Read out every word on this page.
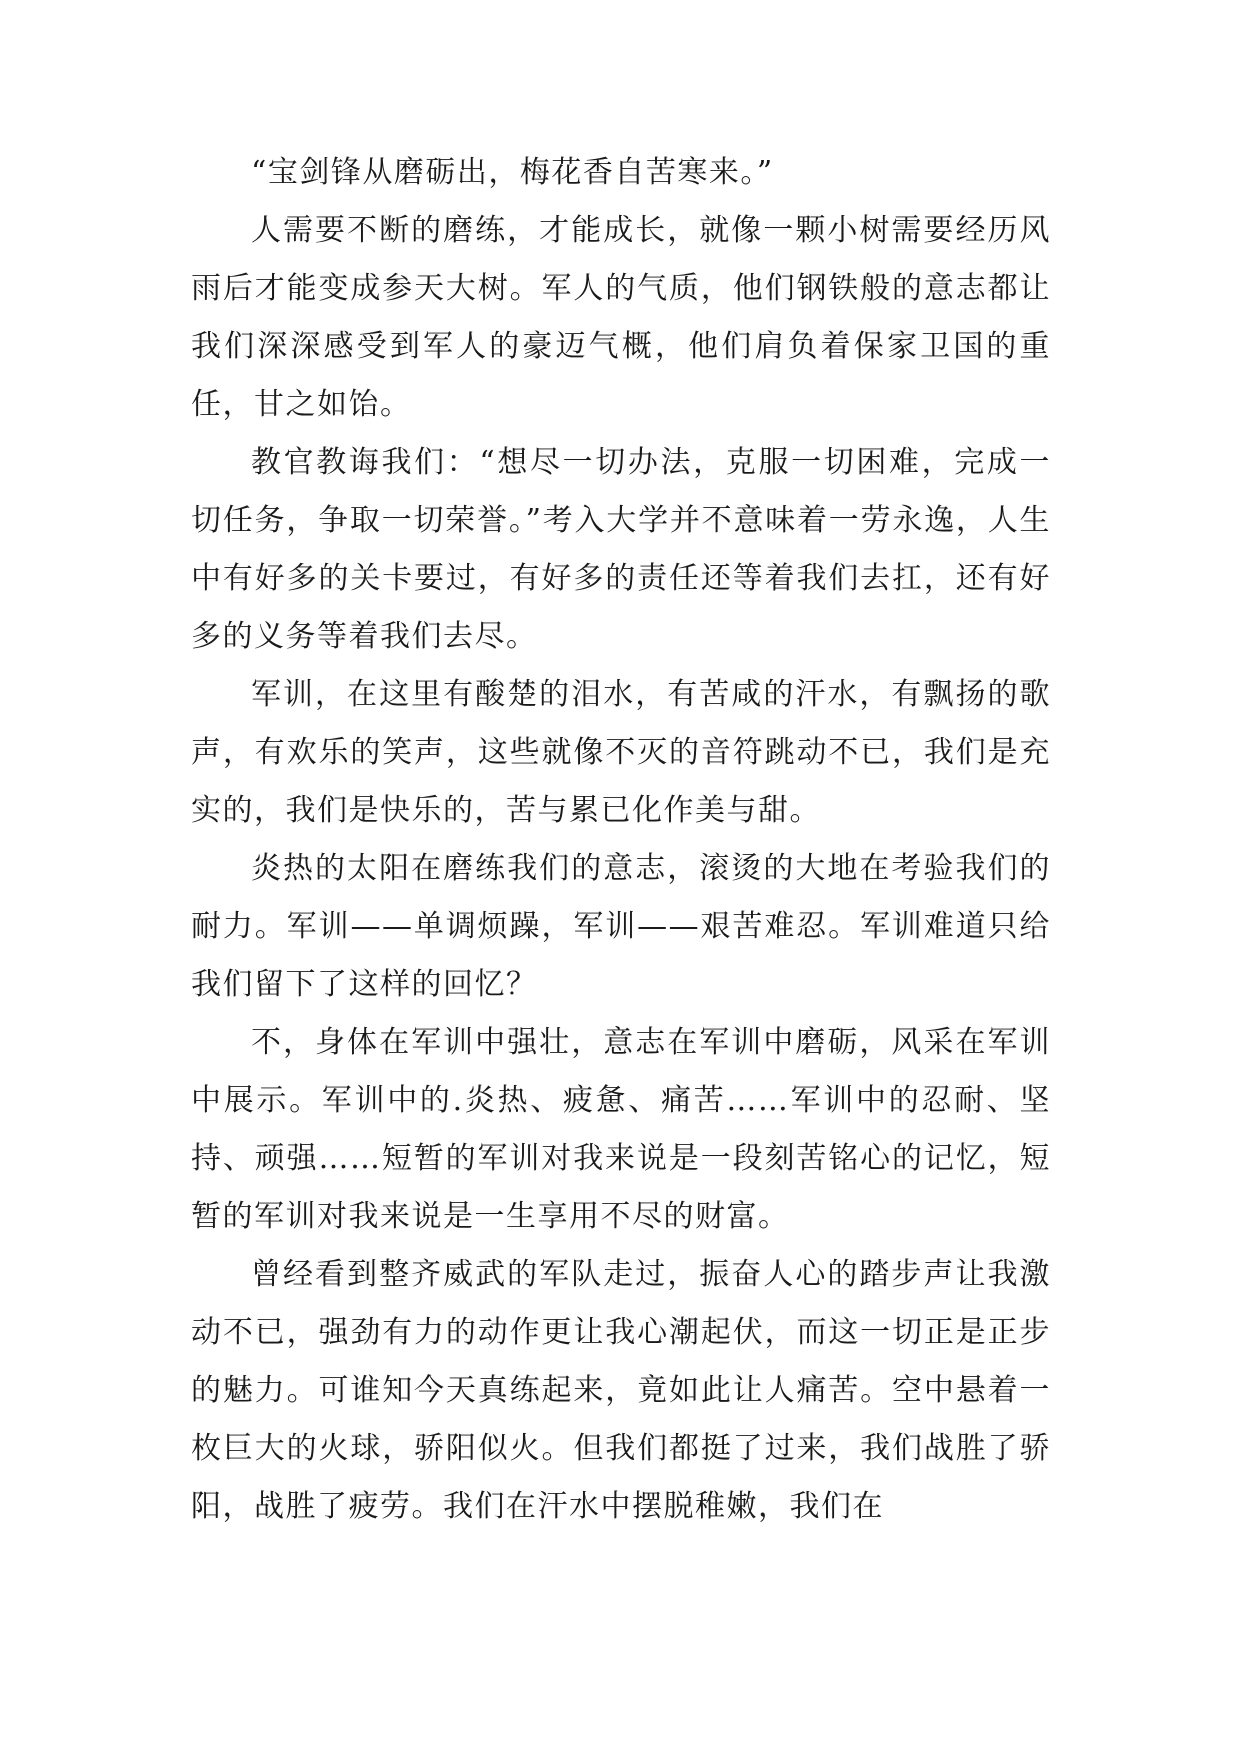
“宝剑锋从磨砺出，梅花香自苦寒来。”

人需要不断的磨练，才能成长，就像一颗小树需要经历风雨后才能变成参天大树。军人的气质，他们钢铁般的意志都让我们深深感受到军人的豪迈气概，他们肩负着保家卫国的重任，甘之如饴。

教官教诲我们：“想尽一切办法，克服一切困难，完成一切任务，争取一切荣誉。”考入大学并不意味着一劳永逸，人生中有好多的关卡要过，有好多的责任还等着我们去扛，还有好多的义务等着我们去尽。

军训，在这里有酸楚的泪水，有苦咸的汗水，有飘扬的歌声，有欢乐的笑声，这些就像不灭的音符跳动不已，我们是充实的，我们是快乐的，苦与累已化作美与甜。

炎热的太阳在磨练我们的意志，滚烫的大地在考验我们的耐力。军训——单调烦躁，军训——艰苦难忍。军训难道只给我们留下了这样的回忆？

不，身体在军训中强壮，意志在军训中磨砺，风采在军训中展示。军训中的.炎热、疲惫、痛苦……军训中的忍耐、坚持、顽强……短暂的军训对我来说是一段刻苦铭心的记忆，短暂的军训对我来说是一生享用不尽的财富。

曾经看到整齐威武的军队走过，振奋人心的踏步声让我激动不已，强劲有力的动作更让我心潮起伏，而这一切正是正步的魅力。可谁知今天真练起来，竟如此让人痛苦。空中悬着一枚巨大的火球，骄阳似火。但我们都挺了过来，我们战胜了骄阳，战胜了疲劳。我们在汗水中摆脱稚嫩，我们在
